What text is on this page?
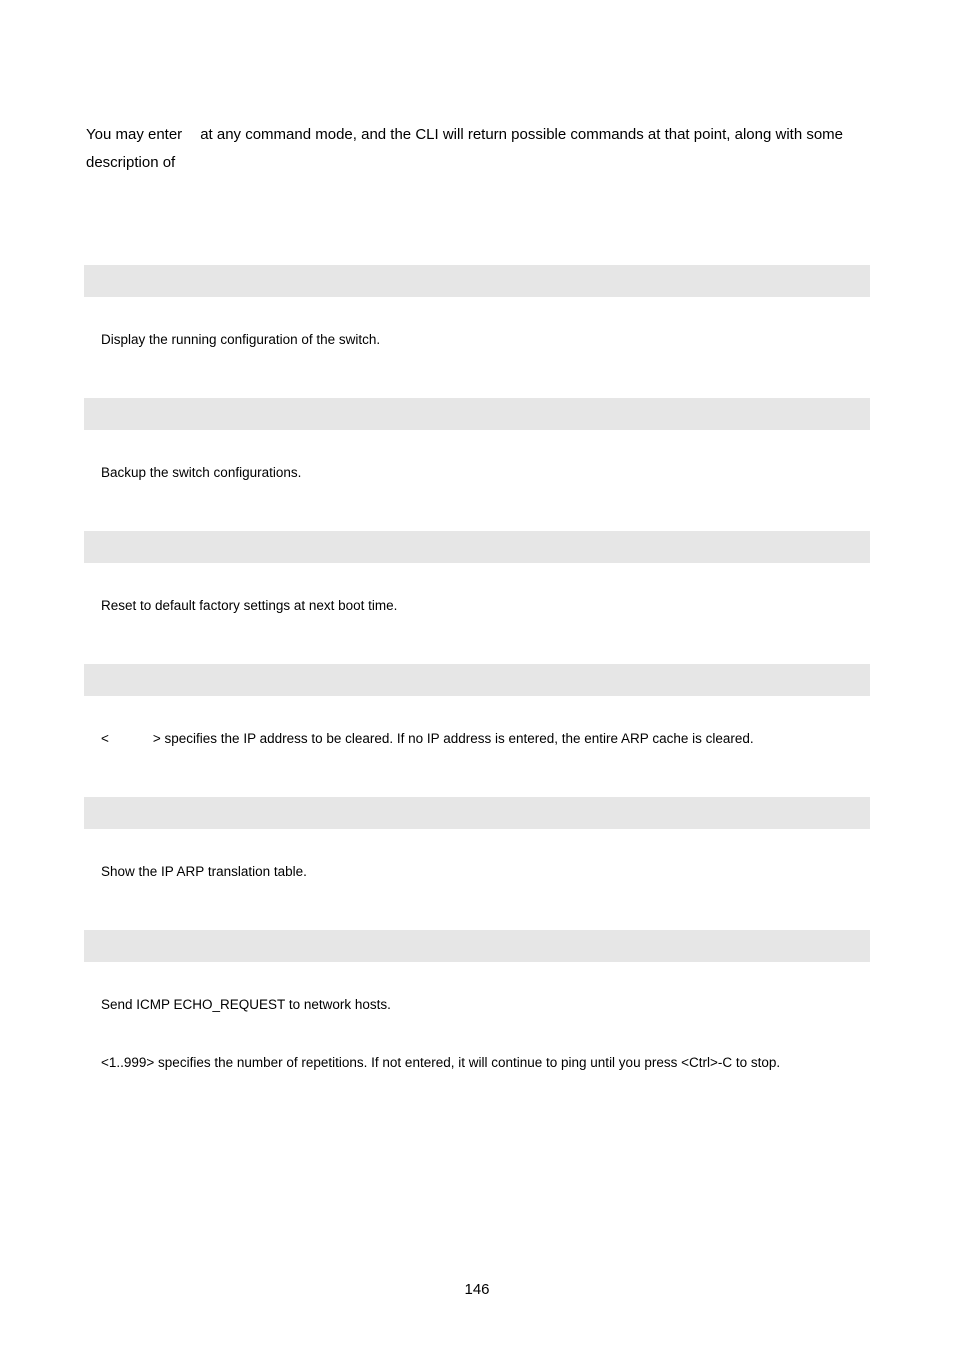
You may enter at any command mode, and the CLI will return possible commands at that point, along with some description of

Display the running configuration of the switch.

Backup the switch configurations.

Reset to default factory settings at next boot time.

<	> specifies the IP address to be cleared. If no IP address is entered, the entire ARP cache is cleared.

Show the IP ARP translation table.

Send ICMP ECHO_REQUEST to network hosts.

<1..999> specifies the number of repetitions. If not entered, it will continue to ping until you press <Ctrl>-C to stop.

146
